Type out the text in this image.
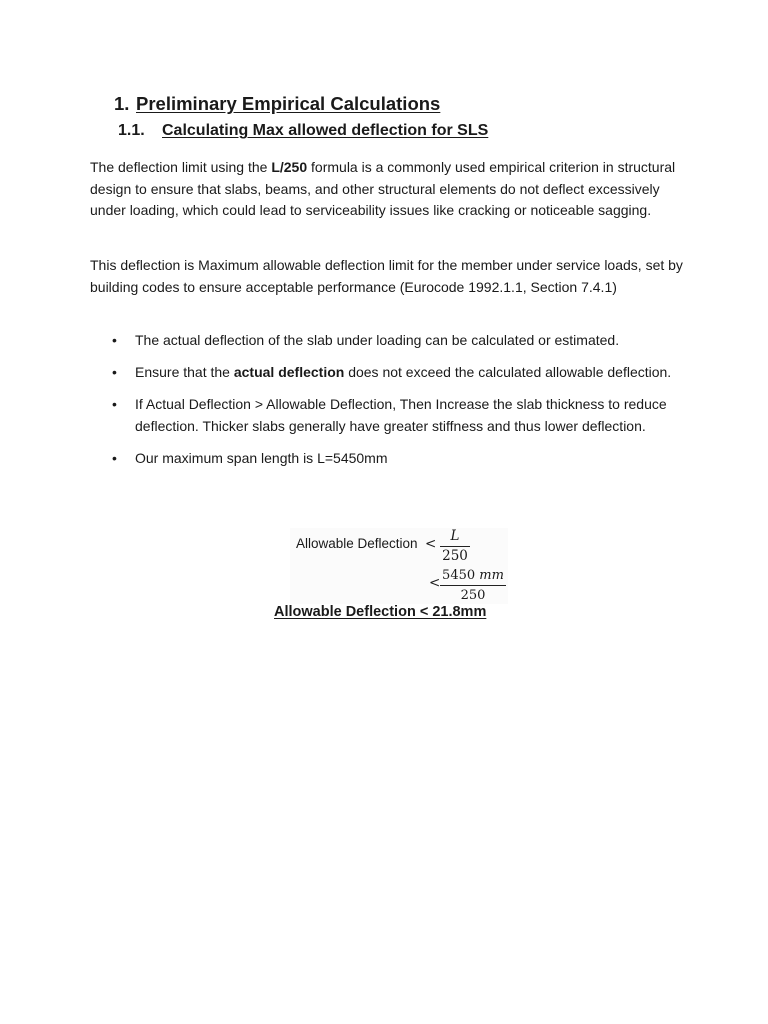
1. Preliminary Empirical Calculations
1.1. Calculating Max allowed deflection for SLS

The deflection limit using the L/250 formula is a commonly used empirical criterion in structural design to ensure that slabs, beams, and other structural elements do not deflect excessively under loading, which could lead to serviceability issues like cracking or noticeable sagging.

This deflection is Maximum allowable deflection limit for the member under service loads, set by building codes to ensure acceptable performance (Eurocode 1992.1.1, Section 7.4.1)

• The actual deflection of the slab under loading can be calculated or estimated.
• Ensure that the actual deflection does not exceed the calculated allowable deflection.
• If Actual Deflection > Allowable Deflection, Then Increase the slab thickness to reduce deflection. Thicker slabs generally have greater stiffness and thus lower deflection.
• Our maximum span length is L=5450mm
Allowable Deflection <	L
250
< 5450 mm
250
Allowable Deflection < 21.8mm
